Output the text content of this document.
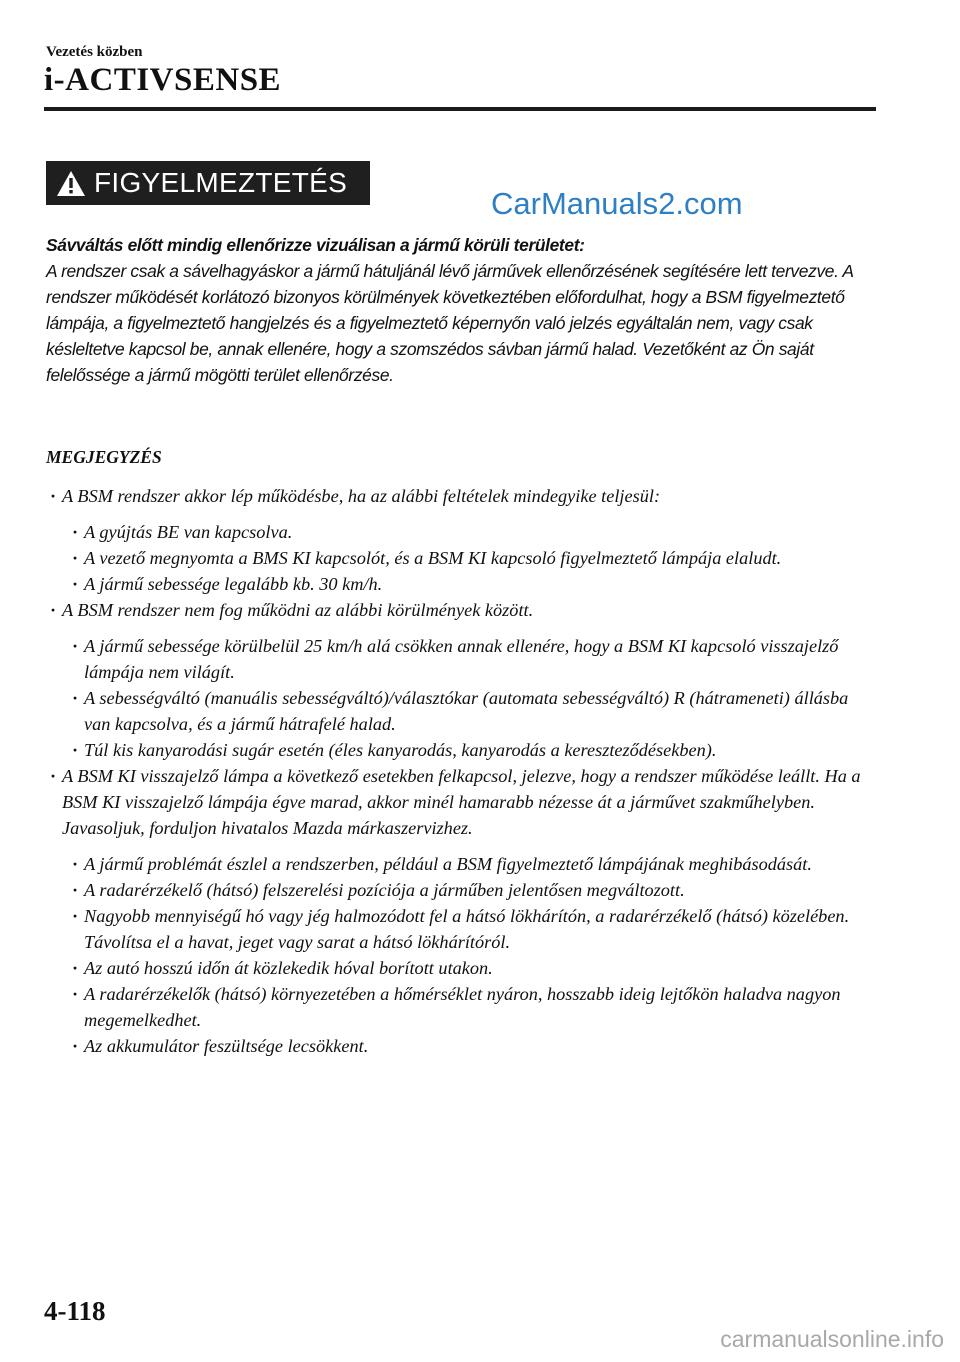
Vezetés közben
i-ACTIVSENSE
FIGYELMEZTETÉS
CarManuals2.com
Sávváltás előtt mindig ellenőrizze vizuálisan a jármű körüli területet:
A rendszer csak a sávelhagyáskor a jármű hátuljánál lévő járművek ellenőrzésének segítésére lett tervezve. A rendszer működését korlátozó bizonyos körülmények következtében előfordulhat, hogy a BSM figyelmeztető lámpája, a figyelmeztető hangjelzés és a figyelmeztető képernyőn való jelzés egyáltalán nem, vagy csak késleltetve kapcsol be, annak ellenére, hogy a szomszédos sávban jármű halad. Vezetőként az Ön saját felelőssége a jármű mögötti terület ellenőrzése.
MEGJEGYZÉS
· A BSM rendszer akkor lép működésbe, ha az alábbi feltételek mindegyike teljesül:
· A gyújtás BE van kapcsolva.
· A vezető megnyomta a BMS KI kapcsolót, és a BSM KI kapcsoló figyelmeztető lámpája elaludt.
· A jármű sebessége legalább kb. 30 km/h.
· A BSM rendszer nem fog működni az alábbi körülmények között.
· A jármű sebessége körülbelül 25 km/h alá csökken annak ellenére, hogy a BSM KI kapcsoló visszajelző lámpája nem világít.
· A sebességváltó (manuális sebességváltó)/választókar (automata sebességváltó) R (hátrameneti) állásba van kapcsolva, és a jármű hátrafelé halad.
· Túl kis kanyarodási sugár esetén (éles kanyarodás, kanyarodás a kereszteződésekben).
· A BSM KI visszajelző lámpa a következő esetekben felkapcsol, jelezve, hogy a rendszer működése leállt. Ha a BSM KI visszajelző lámpája égve marad, akkor minél hamarabb nézesse át a járművet szakműhelyben. Javasoljuk, forduljon hivatalos Mazda márkaszervizhez.
· A jármű problémát észlel a rendszerben, például a BSM figyelmeztető lámpájának meghibásodását.
· A radarérzékelő (hátsó) felszerelési pozíciója a járműben jelentősen megváltozott.
· Nagyobb mennyiségű hó vagy jég halmozódott fel a hátsó lökhárítón, a radarérzékelő (hátsó) közelében. Távolítsa el a havat, jeget vagy sarat a hátsó lökhárítóról.
· Az autó hosszú időn át közlekedik hóval borított utakon.
· A radarérzékelők (hátsó) környezetében a hőmérséklet nyáron, hosszabb ideig lejtőkön haladva nagyon megemelkedhet.
· Az akkumulátor feszültsége lecsökkent.
4-118
carmanualsonline.info
